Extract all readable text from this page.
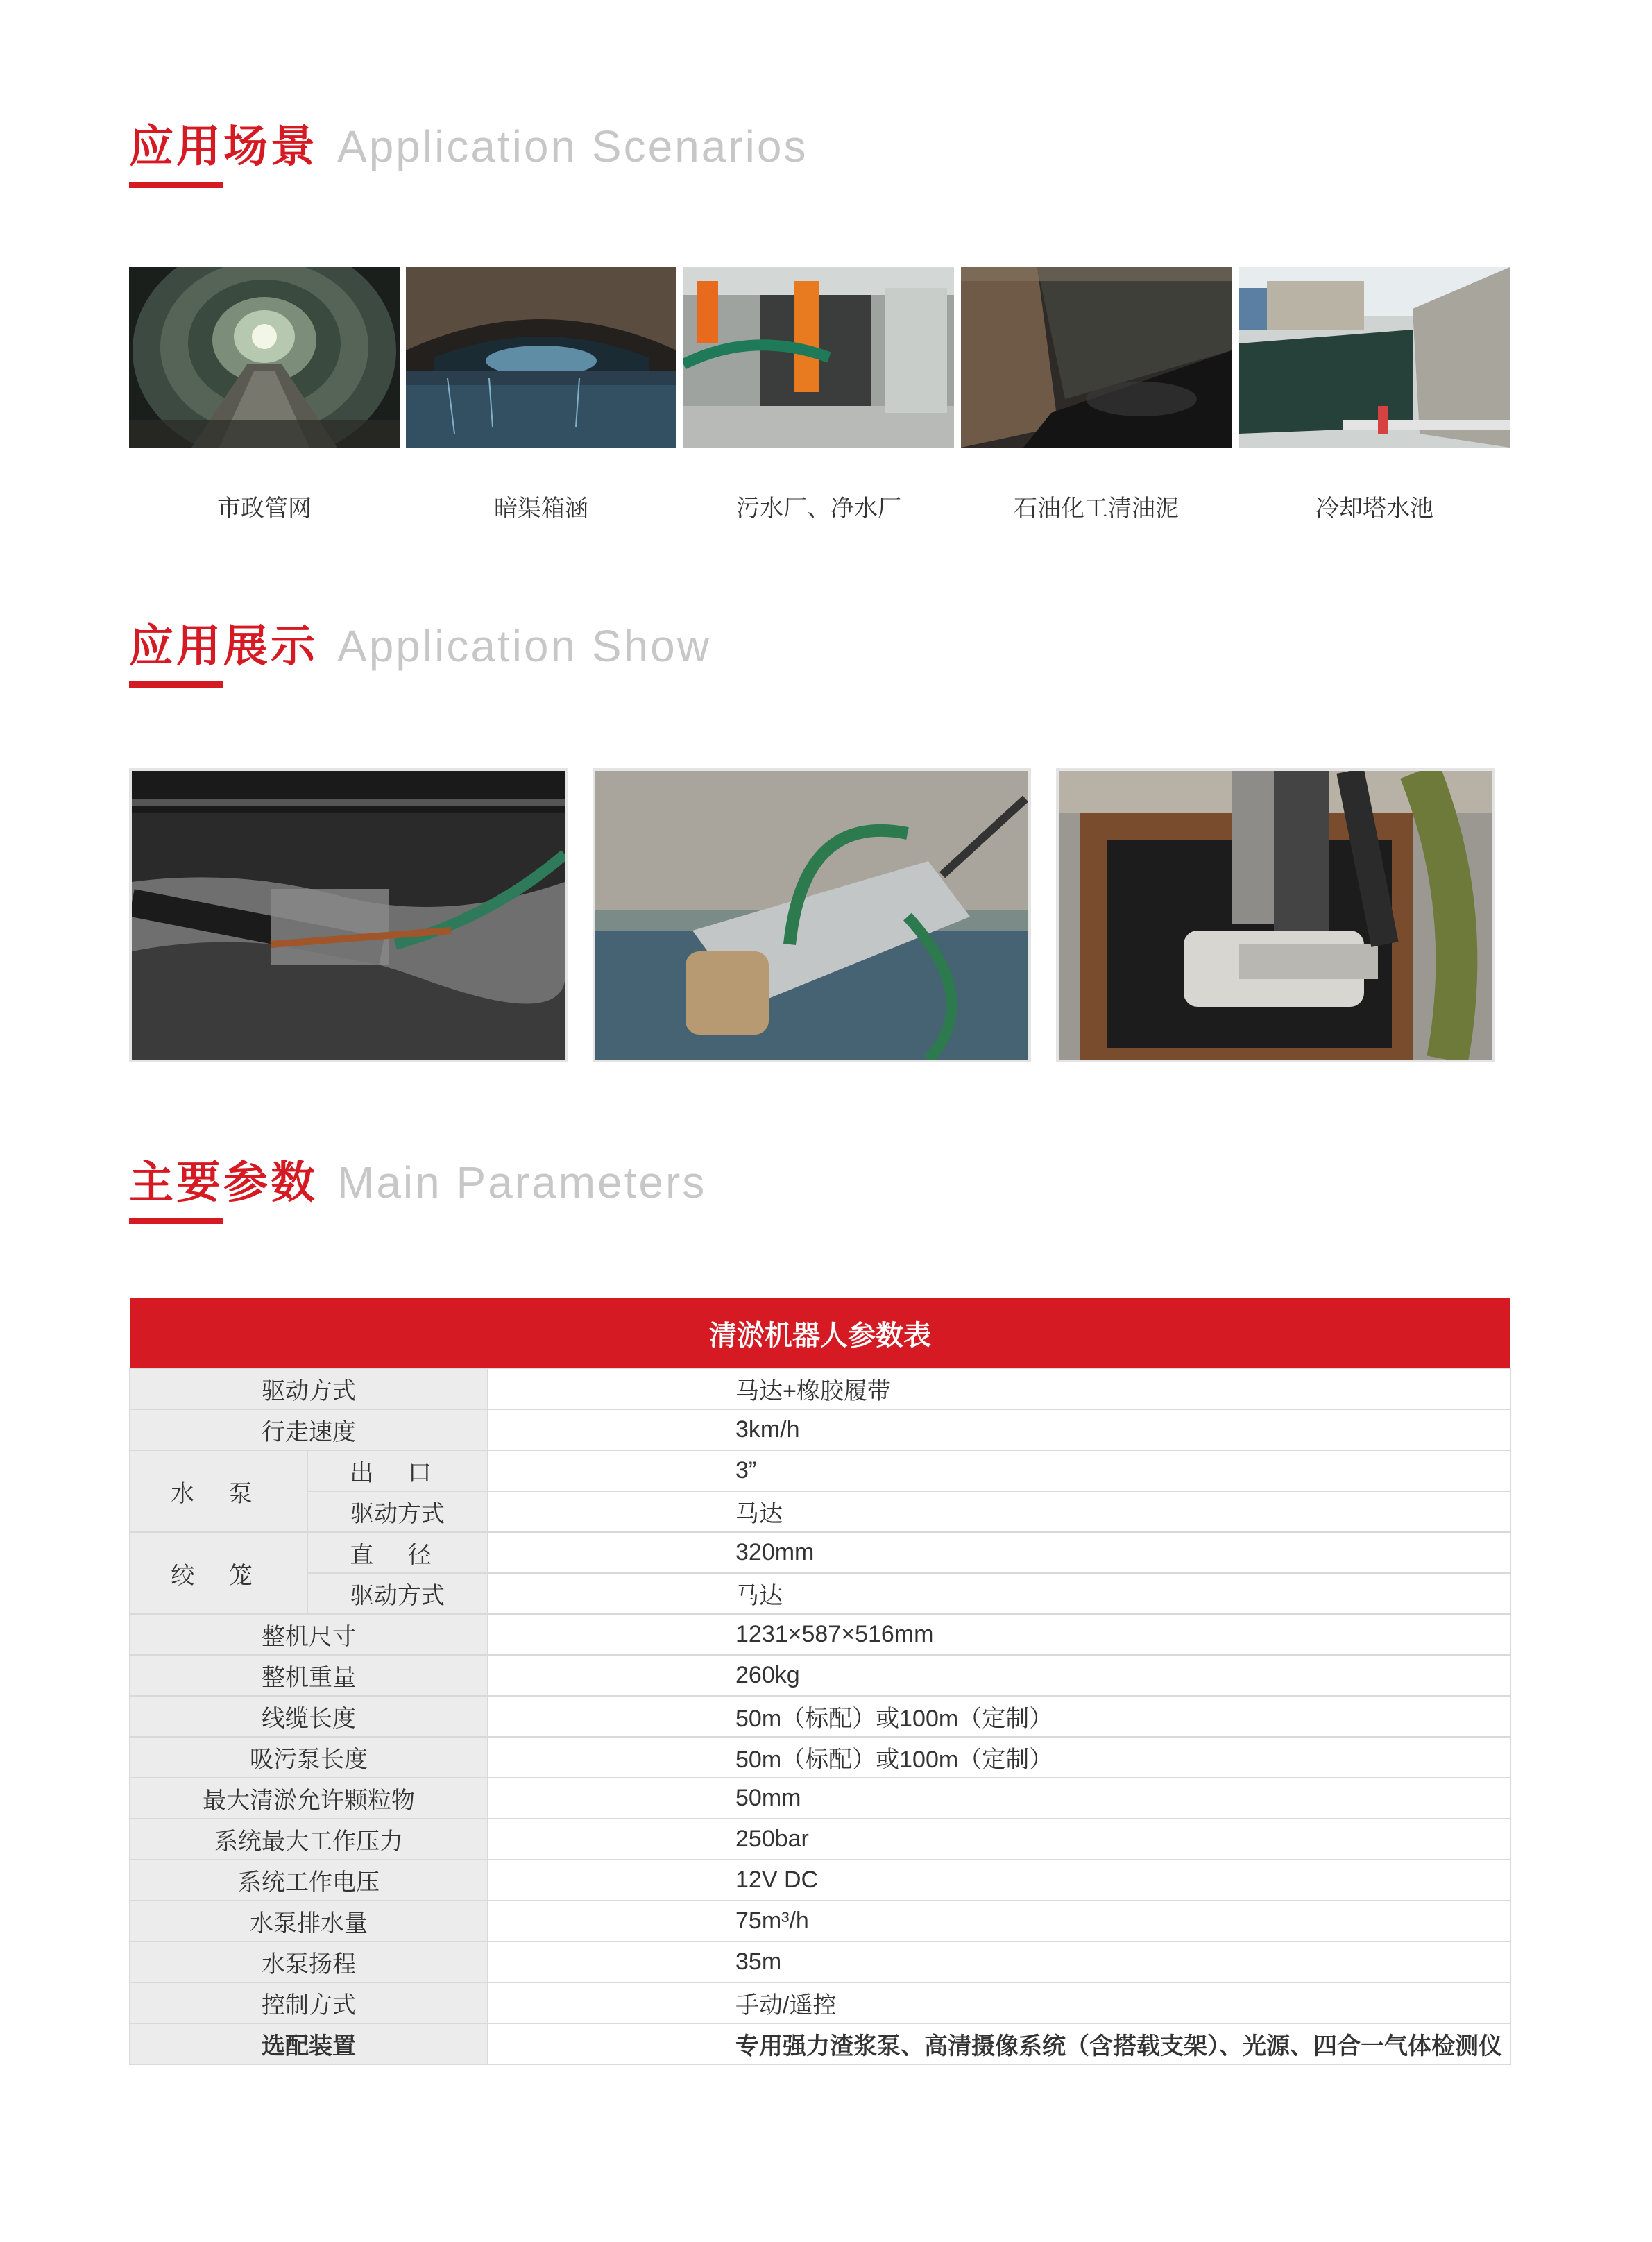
应用场景 Application Scenarios
市政管网	暗渠箱涵	污水厂、净水厂	石油化工清油泥	冷却塔水池
应用展示 Application Show
主要参数 Main Parameters
清淤机器人参数表		
驱动方式		马达+橡胶履带
行走速度		3km/h
水 泵	出 口	3”
	驱动方式	马达
绞 笼	直 径	320mm
	驱动方式	马达
整机尺寸		1231×587×516mm
整机重量		260kg
线缆长度		50m（标配）或100m（定制）
吸污泵长度		50m（标配）或100m（定制）
最大清淤允许颗粒物		50mm
系统最大工作压力		250bar
系统工作电压		12V DC
水泵排水量		75m³/h
水泵扬程		35m
控制方式		手动/遥控
选配装置		专用强力渣浆泵、高清摄像系统（含搭载支架）、光源、四合一气体检测仪
